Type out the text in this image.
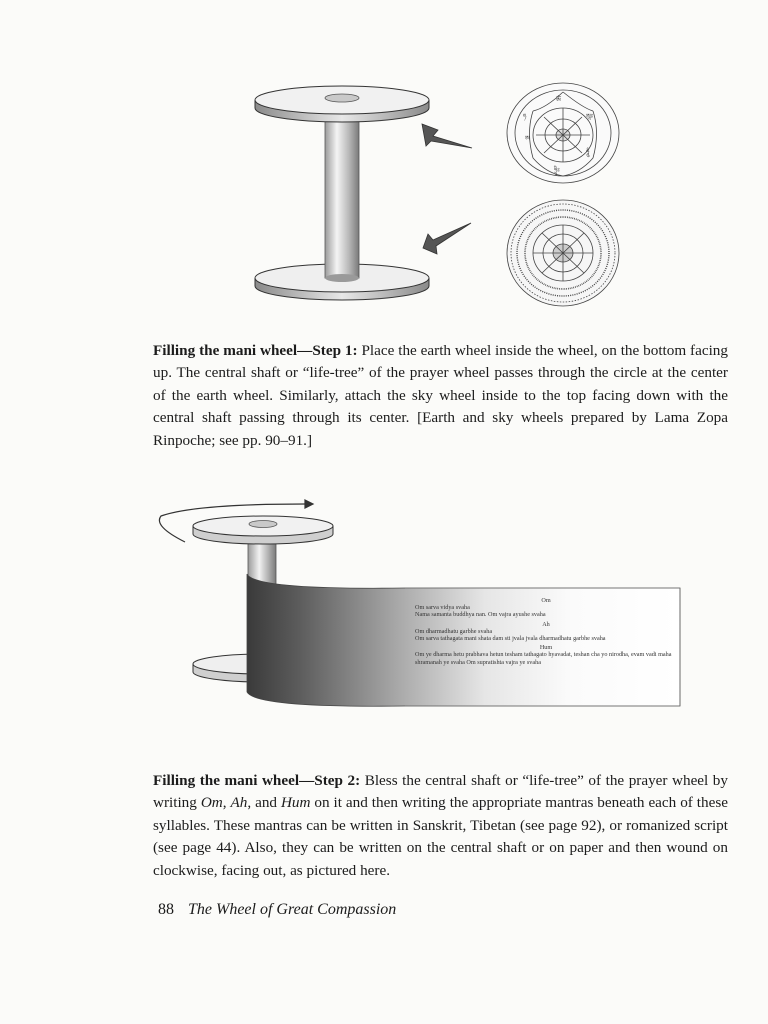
ཨོཾ
ཨཱཿ
ཧཱུྃ
ཧྲཱིཿ
ཨ
ཧ

Filling the mani wheel—Step 1: Place the earth wheel inside the wheel, on the bottom facing up. The central shaft or “life-tree” of the prayer wheel passes through the circle at the center of the earth wheel. Similarly, attach the sky wheel inside to the top facing down with the central shaft passing through its center. [Earth and sky wheels prepared by Lama Zopa Rinpoche; see pp. 90–91.]

Om
Om sarva vidya svaha
Nama samanta buddhya nan. Om vajra ayushe svaha
Ah
Om dharmadhatu garbhe svaha
Om sarva tathagata mani shata dam sti jvala jvala dharmadhatu garbhe svaha
Hum
Om ye dharma hetu prabhava hetun tesham tathagato hyavadat, teshan cha yo nirodha, evam vadi maha shramanah ye svaha Om supratishta vajra ye svaha

Filling the mani wheel—Step 2: Bless the central shaft or “life-tree” of the prayer wheel by writing Om, Ah, and Hum on it and then writing the appropriate mantras beneath each of these syllables. These mantras can be written in Sanskrit, Tibetan (see page 92), or romanized script (see page 44). Also, they can be written on the central shaft or on paper and then wound on clockwise, facing out, as pictured here.

88 The Wheel of Great Compassion
